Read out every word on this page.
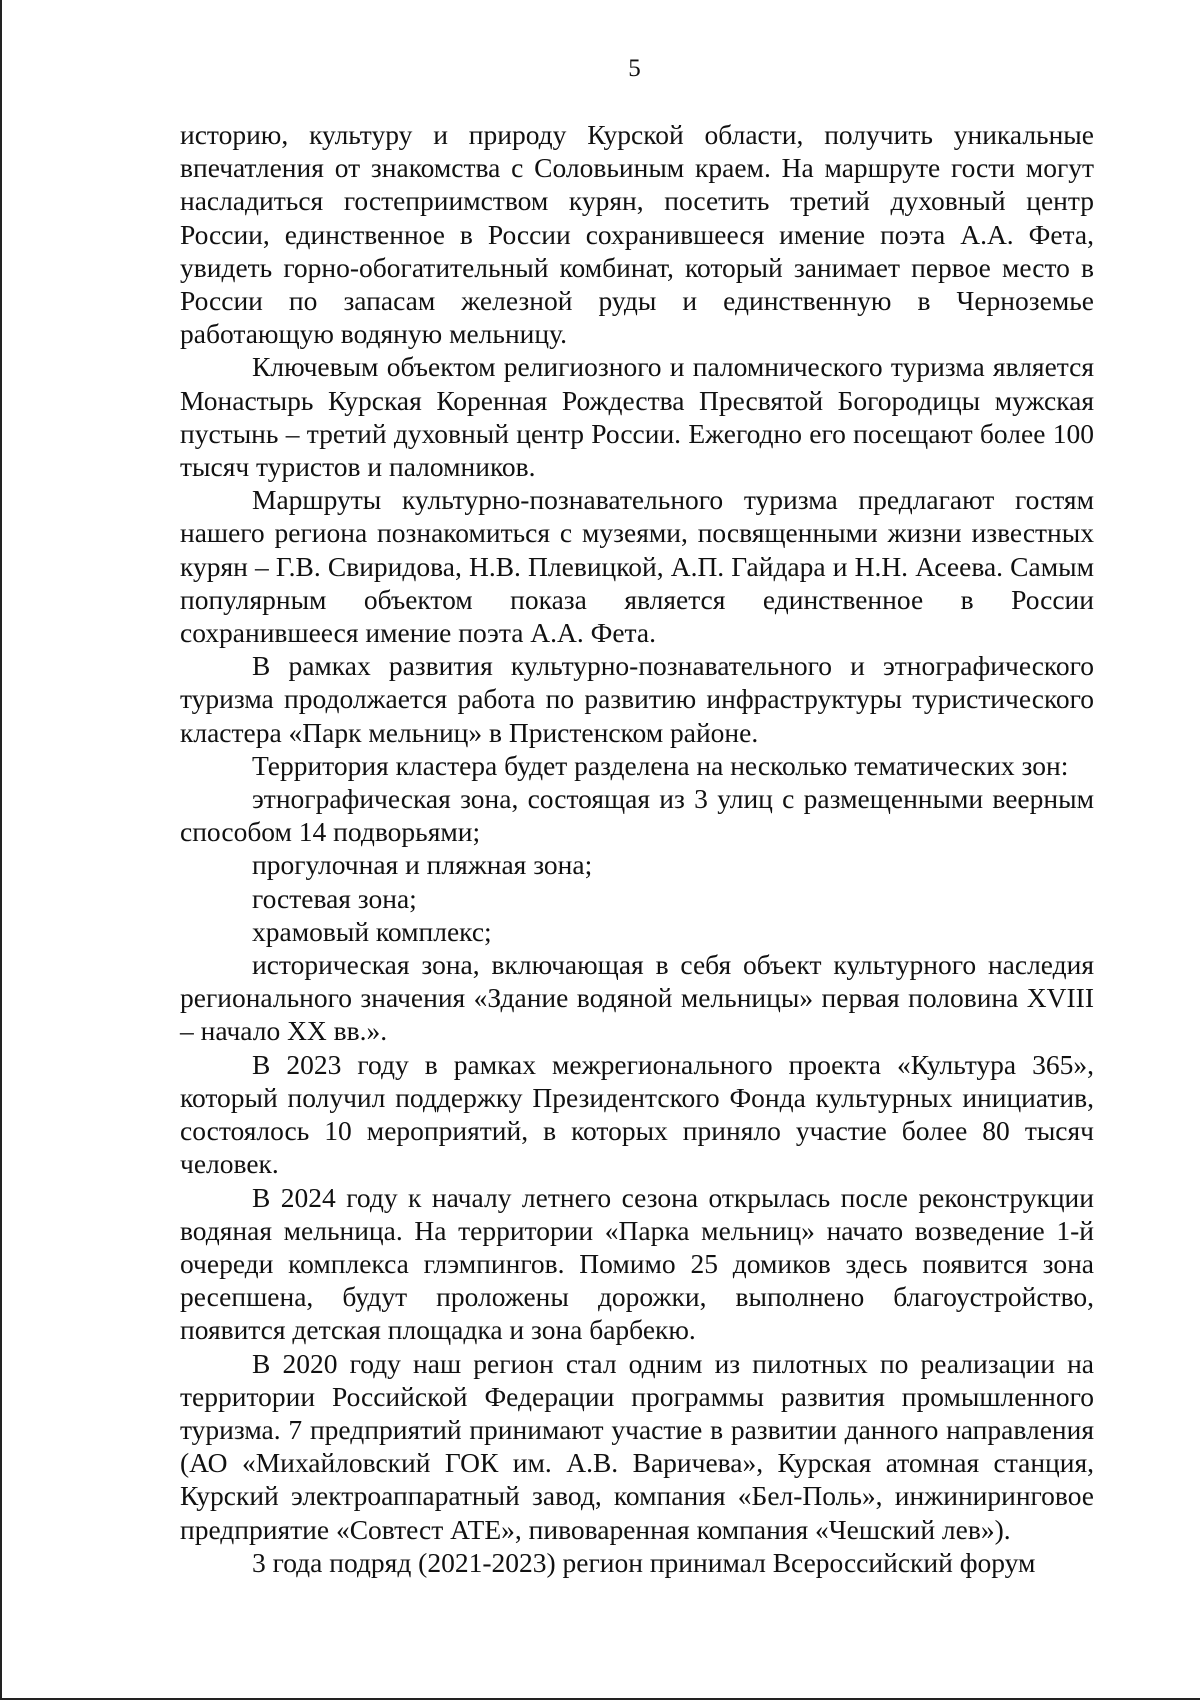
5

историю, культуру и природу Курской области, получить уникальные впечатления от знакомства с Соловьиным краем. На маршруте гости могут насладиться гостеприимством курян, посетить третий духовный центр России, единственное в России сохранившееся имение поэта А.А. Фета, увидеть горно-обогатительный комбинат, который занимает первое место в России по запасам железной руды и единственную в Черноземье работающую водяную мельницу.

Ключевым объектом религиозного и паломнического туризма является Монастырь Курская Коренная Рождества Пресвятой Богородицы мужская пустынь – третий духовный центр России. Ежегодно его посещают более 100 тысяч туристов и паломников.

Маршруты культурно-познавательного туризма предлагают гостям нашего региона познакомиться с музеями, посвященными жизни известных курян – Г.В. Свиридова, Н.В. Плевицкой, А.П. Гайдара и Н.Н. Асеева. Самым популярным объектом показа является единственное в России сохранившееся имение поэта А.А. Фета.

В рамках развития культурно-познавательного и этнографического туризма продолжается работа по развитию инфраструктуры туристического кластера «Парк мельниц» в Пристенском районе.

Территория кластера будет разделена на несколько тематических зон:

этнографическая зона, состоящая из 3 улиц с размещенными веерным способом 14 подворьями;

прогулочная и пляжная зона;

гостевая зона;

храмовый комплекс;

историческая зона, включающая в себя объект культурного наследия регионального значения «Здание водяной мельницы» первая половина XVIII – начало XX вв.».

В 2023 году в рамках межрегионального проекта «Культура 365», который получил поддержку Президентского Фонда культурных инициатив, состоялось 10 мероприятий, в которых приняло участие более 80 тысяч человек.

В 2024 году к началу летнего сезона открылась после реконструкции водяная мельница. На территории «Парка мельниц» начато возведение 1-й очереди комплекса глэмпингов. Помимо 25 домиков здесь появится зона ресепшена, будут проложены дорожки, выполнено благоустройство, появится детская площадка и зона барбекю.

В 2020 году наш регион стал одним из пилотных по реализации на территории Российской Федерации программы развития промышленного туризма. 7 предприятий принимают участие в развитии данного направления (АО «Михайловский ГОК им. А.В. Варичева», Курская атомная станция, Курский электроаппаратный завод, компания «Бел-Поль», инжиниринговое предприятие «Совтест АТЕ», пивоваренная компания «Чешский лев»).

3 года подряд (2021-2023) регион принимал Всероссийский форум
